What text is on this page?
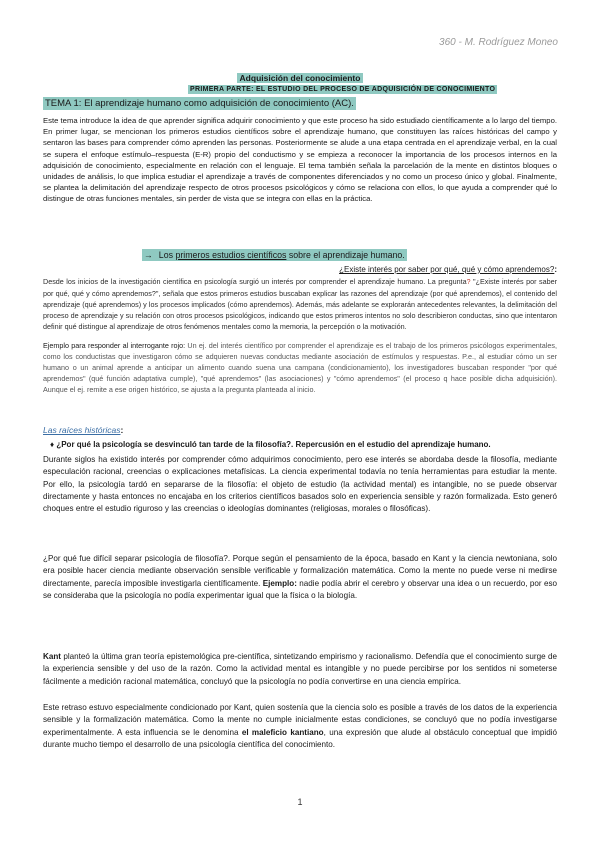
360 - M. Rodríguez Moneo
Adquisición del conocimiento
PRIMERA PARTE: EL ESTUDIO DEL PROCESO DE ADQUISICIÓN DE CONOCIMIENTO
TEMA 1: El aprendizaje humano como adquisición de conocimiento (AC).

Este tema introduce la idea de que aprender significa adquirir conocimiento y que este proceso ha sido estudiado científicamente a lo largo del tiempo. En primer lugar, se mencionan los primeros estudios científicos sobre el aprendizaje humano, que constituyen las raíces históricas del campo y sentaron las bases para comprender cómo aprenden las personas. Posteriormente se alude a una etapa centrada en el aprendizaje verbal, en la cual se supera el enfoque estímulo–respuesta (E-R) propio del conductismo y se empieza a reconocer la importancia de los procesos internos en la adquisición de conocimiento, especialmente en relación con el lenguaje. El tema también señala la parcelación de la mente en distintos bloques o unidades de análisis, lo que implica estudiar el aprendizaje a través de componentes diferenciados y no como un proceso único y global. Finalmente, se plantea la delimitación del aprendizaje respecto de otros procesos psicológicos y cómo se relaciona con ellos, lo que ayuda a comprender qué lo distingue de otras funciones mentales, sin perder de vista que se integra con ellas en la práctica.

→ Los primeros estudios científicos sobre el aprendizaje humano.
¿Existe interés por saber por qué, qué y cómo aprendemos?:

Desde los inicios de la investigación científica en psicología surgió un interés por comprender el aprendizaje humano. La pregunta? "¿Existe interés por saber por qué, qué y cómo aprendemos?", señala que estos primeros estudios buscaban explicar las razones del aprendizaje (por qué aprendemos), el contenido del aprendizaje (qué aprendemos) y los procesos implicados (cómo aprendemos). Además, más adelante se explorarán antecedentes relevantes, la delimitación del proceso de aprendizaje y su relación con otros procesos psicológicos, indicando que estos primeros intentos no solo describieron conductas, sino que intentaron definir qué distingue al aprendizaje de otros fenómenos mentales como la memoria, la percepción o la motivación.

Ejemplo para responder al interrogante rojo: Un ej. del interés científico por comprender el aprendizaje es el trabajo de los primeros psicólogos experimentales, como los conductistas que investigaron cómo se adquieren nuevas conductas mediante asociación de estímulos y respuestas. P.e., al estudiar cómo un ser humano o un animal aprende a anticipar un alimento cuando suena una campana (condicionamiento), los investigadores buscaban responder "por qué aprendemos" (qué función adaptativa cumple), "qué aprendemos" (las asociaciones) y "cómo aprendemos" (el proceso q hace posible dicha adquisición). Aunque el ej. remite a ese origen histórico, se ajusta a la pregunta planteada al inicio.

Las raíces históricas:
♦ ¿Por qué la psicología se desvinculó tan tarde de la filosofía?. Repercusión en el estudio del aprendizaje humano.

Durante siglos ha existido interés por comprender cómo adquirimos conocimiento, pero ese interés se abordaba desde la filosofía, mediante especulación racional, creencias o explicaciones metafísicas. La ciencia experimental todavía no tenía herramientas para estudiar la mente. Por ello, la psicología tardó en separarse de la filosofía: el objeto de estudio (la actividad mental) es intangible, no se puede observar directamente y hasta entonces no encajaba en los criterios científicos basados solo en experiencia sensible y razón formalizada. Esto generó choques entre el estudio riguroso y las creencias o ideologías dominantes (religiosas, morales o filosóficas).

¿Por qué fue difícil separar psicología de filosofía?. Porque según el pensamiento de la época, basado en Kant y la ciencia newtoniana, solo era posible hacer ciencia mediante observación sensible verificable y formalización matemática. Como la mente no puede verse ni medirse directamente, parecía imposible investigarla científicamente. Ejemplo: nadie podía abrir el cerebro y observar una idea o un recuerdo, por eso se consideraba que la psicología no podía experimentar igual que la física o la biología.

Kant planteó la última gran teoría epistemológica pre-científica, sintetizando empirismo y racionalismo. Defendía que el conocimiento surge de la experiencia sensible y del uso de la razón. Como la actividad mental es intangible y no puede percibirse por los sentidos ni someterse fácilmente a medición racional matemática, concluyó que la psicología no podía convertirse en una ciencia empírica.

Este retraso estuvo especialmente condicionado por Kant, quien sostenía que la ciencia solo es posible a través de los datos de la experiencia sensible y la formalización matemática. Como la mente no cumple inicialmente estas condiciones, se concluyó que no podía investigarse experimentalmente. A esta influencia se le denomina el maleficio kantiano, una expresión que alude al obstáculo conceptual que impidió durante mucho tiempo el desarrollo de una psicología científica del conocimiento.

1
